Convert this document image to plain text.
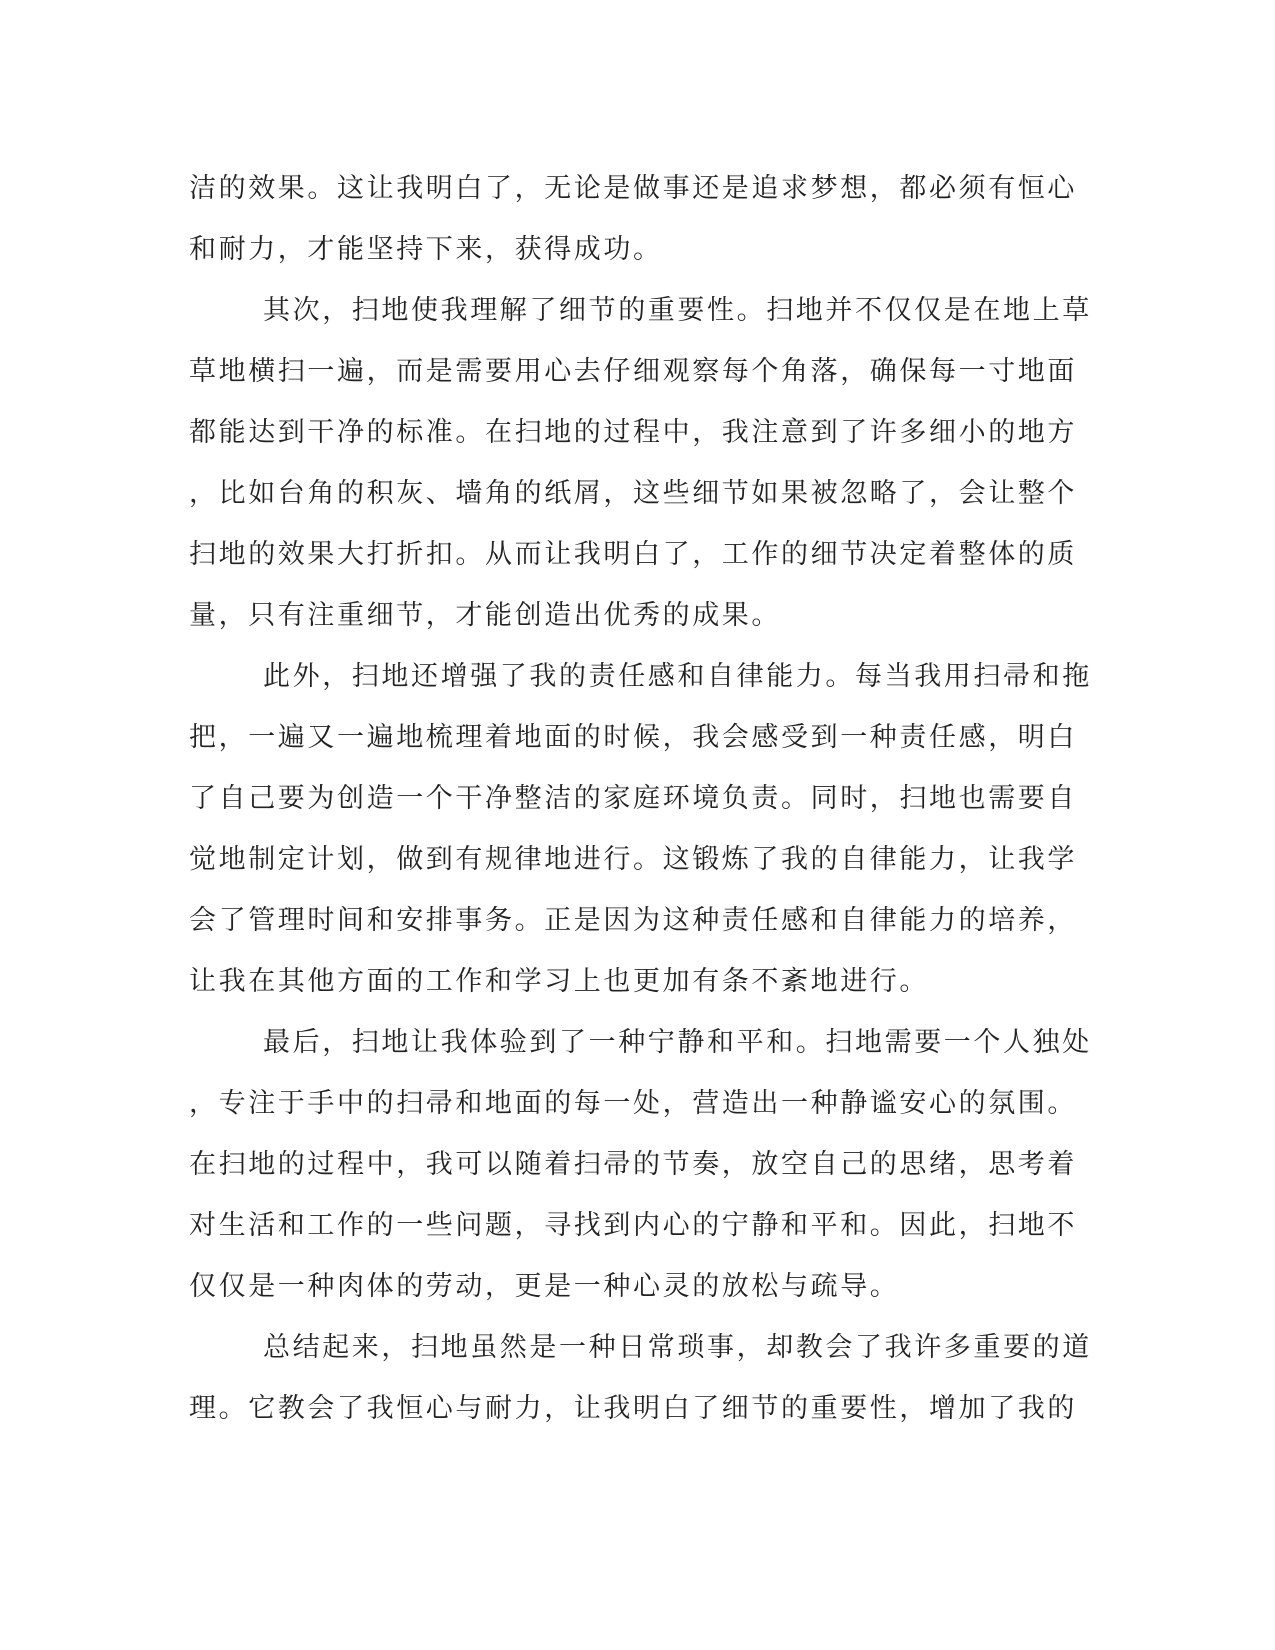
洁的效果。这让我明白了，无论是做事还是追求梦想，都必须有恒心
和耐力，才能坚持下来，获得成功。
其次，扫地使我理解了细节的重要性。扫地并不仅仅是在地上草
草地横扫一遍，而是需要用心去仔细观察每个角落，确保每一寸地面
都能达到干净的标准。在扫地的过程中，我注意到了许多细小的地方
，比如台角的积灰、墙角的纸屑，这些细节如果被忽略了，会让整个
扫地的效果大打折扣。从而让我明白了，工作的细节决定着整体的质
量，只有注重细节，才能创造出优秀的成果。
此外，扫地还增强了我的责任感和自律能力。每当我用扫帚和拖
把，一遍又一遍地梳理着地面的时候，我会感受到一种责任感，明白
了自己要为创造一个干净整洁的家庭环境负责。同时，扫地也需要自
觉地制定计划，做到有规律地进行。这锻炼了我的自律能力，让我学
会了管理时间和安排事务。正是因为这种责任感和自律能力的培养，
让我在其他方面的工作和学习上也更加有条不紊地进行。
最后，扫地让我体验到了一种宁静和平和。扫地需要一个人独处
，专注于手中的扫帚和地面的每一处，营造出一种静谧安心的氛围。
在扫地的过程中，我可以随着扫帚的节奏，放空自己的思绪，思考着
对生活和工作的一些问题，寻找到内心的宁静和平和。因此，扫地不
仅仅是一种肉体的劳动，更是一种心灵的放松与疏导。
总结起来，扫地虽然是一种日常琐事，却教会了我许多重要的道
理。它教会了我恒心与耐力，让我明白了细节的重要性，增加了我的
